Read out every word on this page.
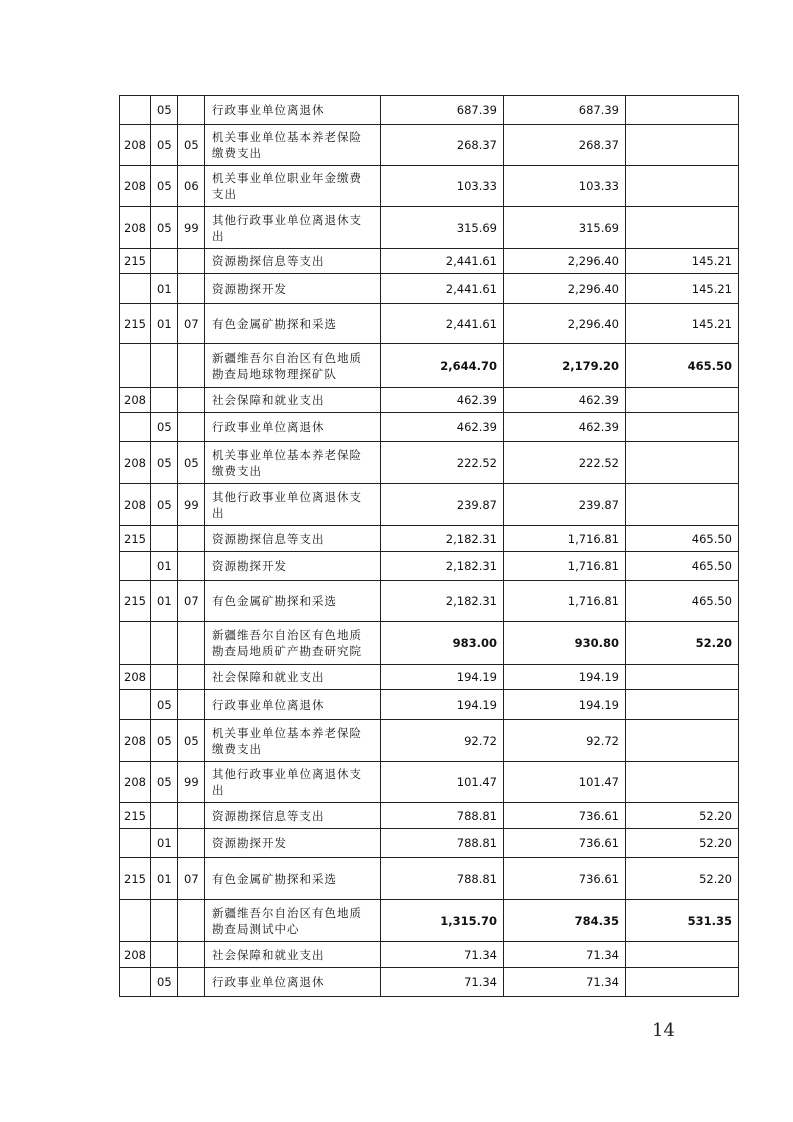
	05		行政事业单位离退休	687.39	687.39	
208	05	05	机关事业单位基本养老保险缴费支出	268.37	268.37	
208	05	06	机关事业单位职业年金缴费支出	103.33	103.33	
208	05	99	其他行政事业单位离退休支出	315.69	315.69	
215			资源勘探信息等支出	2,441.61	2,296.40	145.21
	01		资源勘探开发	2,441.61	2,296.40	145.21
215	01	07	有色金属矿勘探和采选	2,441.61	2,296.40	145.21
			新疆维吾尔自治区有色地质勘查局地球物理探矿队	2,644.70	2,179.20	465.50
208			社会保障和就业支出	462.39	462.39	
	05		行政事业单位离退休	462.39	462.39	
208	05	05	机关事业单位基本养老保险缴费支出	222.52	222.52	
208	05	99	其他行政事业单位离退休支出	239.87	239.87	
215			资源勘探信息等支出	2,182.31	1,716.81	465.50
	01		资源勘探开发	2,182.31	1,716.81	465.50
215	01	07	有色金属矿勘探和采选	2,182.31	1,716.81	465.50
			新疆维吾尔自治区有色地质勘查局地质矿产勘查研究院	983.00	930.80	52.20
208			社会保障和就业支出	194.19	194.19	
	05		行政事业单位离退休	194.19	194.19	
208	05	05	机关事业单位基本养老保险缴费支出	92.72	92.72	
208	05	99	其他行政事业单位离退休支出	101.47	101.47	
215			资源勘探信息等支出	788.81	736.61	52.20
	01		资源勘探开发	788.81	736.61	52.20
215	01	07	有色金属矿勘探和采选	788.81	736.61	52.20
			新疆维吾尔自治区有色地质勘查局测试中心	1,315.70	784.35	531.35
208			社会保障和就业支出	71.34	71.34	
	05		行政事业单位离退休	71.34	71.34	
14
